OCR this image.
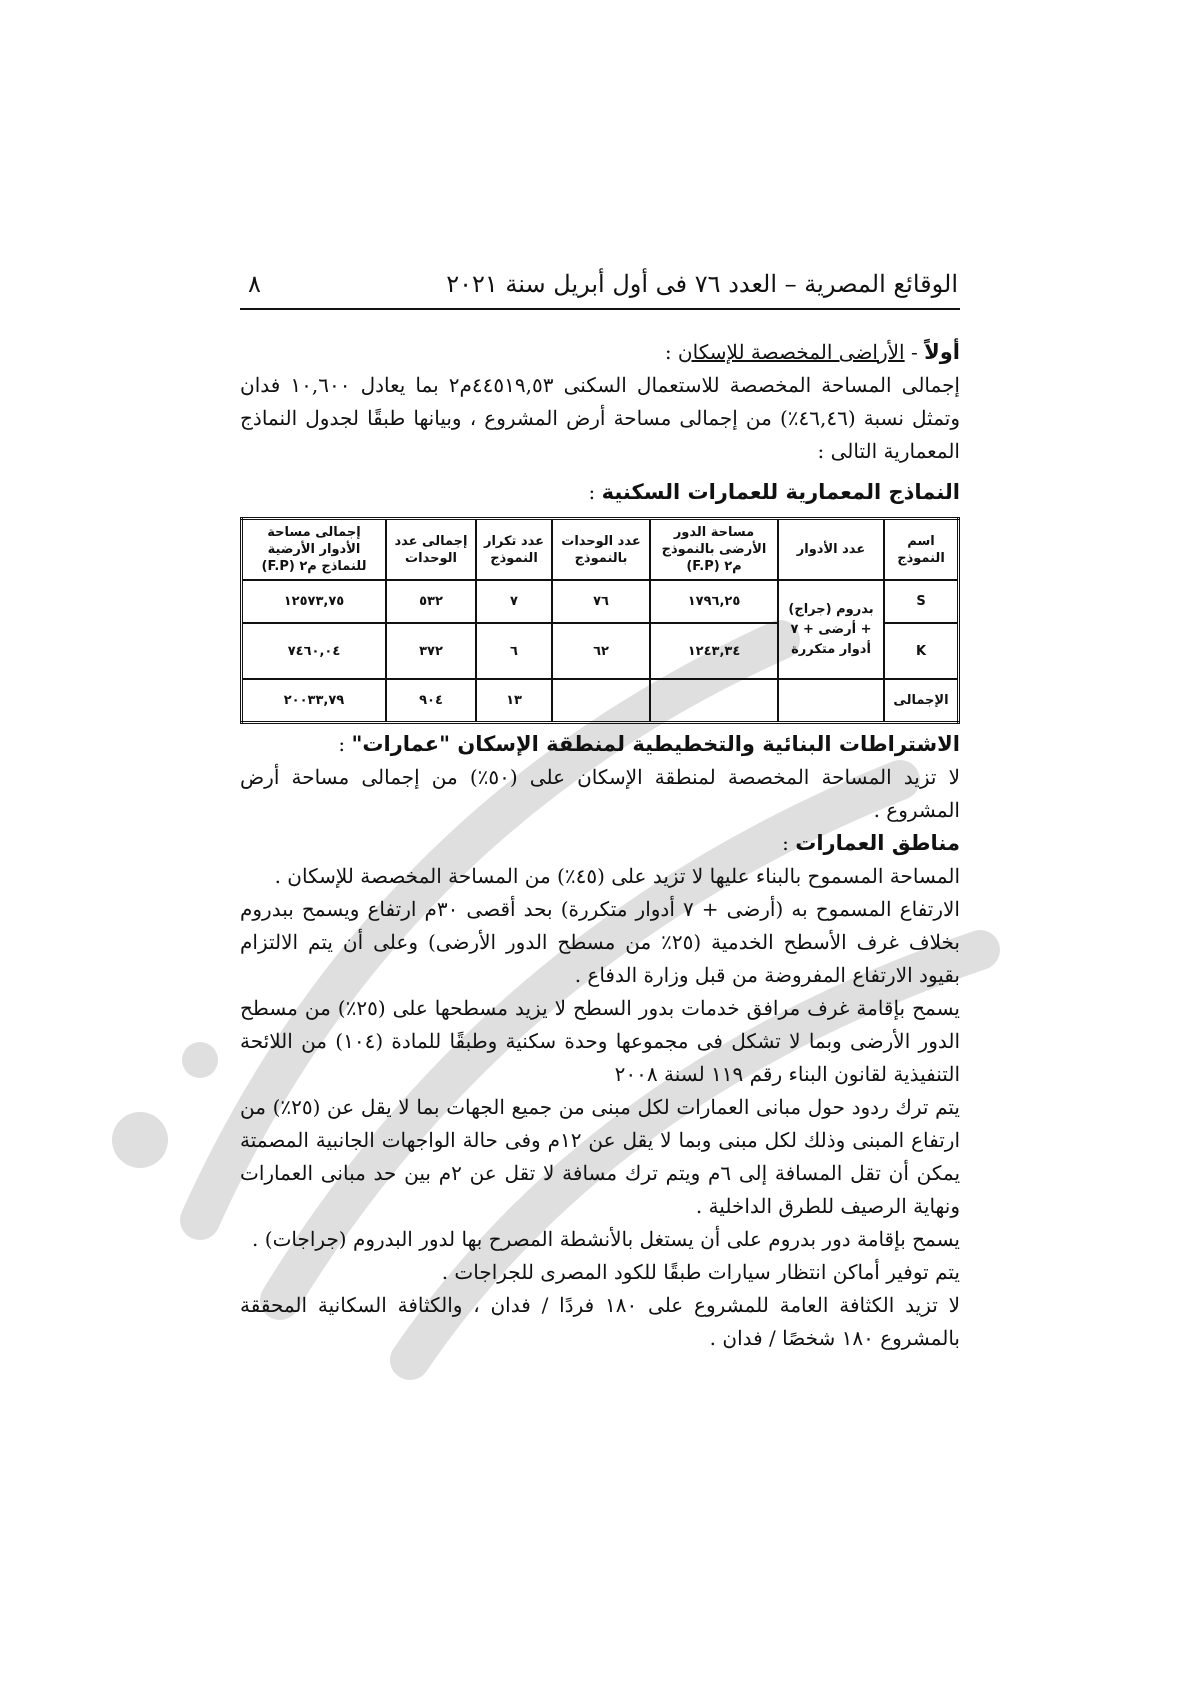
الوقائع المصرية – العدد ٧٦ فى أول أبريل سنة ٢٠٢١
٨

أولاً - الأراضى المخصصة للإسكان :

إجمالى المساحة المخصصة للاستعمال السكنى ٤٤٥١٩,٥٣م٢ بما يعادل ١٠,٦٠٠ فدان وتمثل نسبة (٤٦,٤٦٪) من إجمالى مساحة أرض المشروع ، وبيانها طبقًا لجدول النماذج المعمارية التالى :

النماذج المعمارية للعمارات السكنية :

اسم النموذج	عدد الأدوار	مساحة الدور الأرضى بالنموذج م٢ (F.P)	عدد الوحدات بالنموذج	عدد تكرار النموذج	إجمالى عدد الوحدات	إجمالى مساحة الأدوار الأرضية للنماذج م٢ (F.P)
S	بدروم (جراج) + أرضى + ٧ أدوار متكررة	١٧٩٦,٢٥	٧٦	٧	٥٣٢	١٢٥٧٣,٧٥
K		١٢٤٣,٣٤	٦٢	٦	٣٧٢	٧٤٦٠,٠٤
الإجمالى				١٣	٩٠٤	٢٠٠٣٣,٧٩

الاشتراطات البنائية والتخطيطية لمنطقة الإسكان "عمارات" :

لا تزيد المساحة المخصصة لمنطقة الإسكان على (٥٠٪) من إجمالى مساحة أرض المشروع .

مناطق العمارات :

المساحة المسموح بالبناء عليها لا تزيد على (٤٥٪) من المساحة المخصصة للإسكان .

الارتفاع المسموح به (أرضى + ٧ أدوار متكررة) بحد أقصى ٣٠م ارتفاع ويسمح ببدروم بخلاف غرف الأسطح الخدمية (٢٥٪ من مسطح الدور الأرضى) وعلى أن يتم الالتزام بقيود الارتفاع المفروضة من قبل وزارة الدفاع .

يسمح بإقامة غرف مرافق خدمات بدور السطح لا يزيد مسطحها على (٢٥٪) من مسطح الدور الأرضى وبما لا تشكل فى مجموعها وحدة سكنية وطبقًا للمادة (١٠٤) من اللائحة التنفيذية لقانون البناء رقم ١١٩ لسنة ٢٠٠٨

يتم ترك ردود حول مبانى العمارات لكل مبنى من جميع الجهات بما لا يقل عن (٢٥٪) من ارتفاع المبنى وذلك لكل مبنى وبما لا يقل عن ١٢م وفى حالة الواجهات الجانبية المصمتة يمكن أن تقل المسافة إلى ٦م ويتم ترك مسافة لا تقل عن ٢م بين حد مبانى العمارات ونهاية الرصيف للطرق الداخلية .

يسمح بإقامة دور بدروم على أن يستغل بالأنشطة المصرح بها لدور البدروم (جراجات) .

يتم توفير أماكن انتظار سيارات طبقًا للكود المصرى للجراجات .

لا تزيد الكثافة العامة للمشروع على ١٨٠ فردًا / فدان ، والكثافة السكانية المحققة بالمشروع ١٨٠ شخصًا / فدان .
